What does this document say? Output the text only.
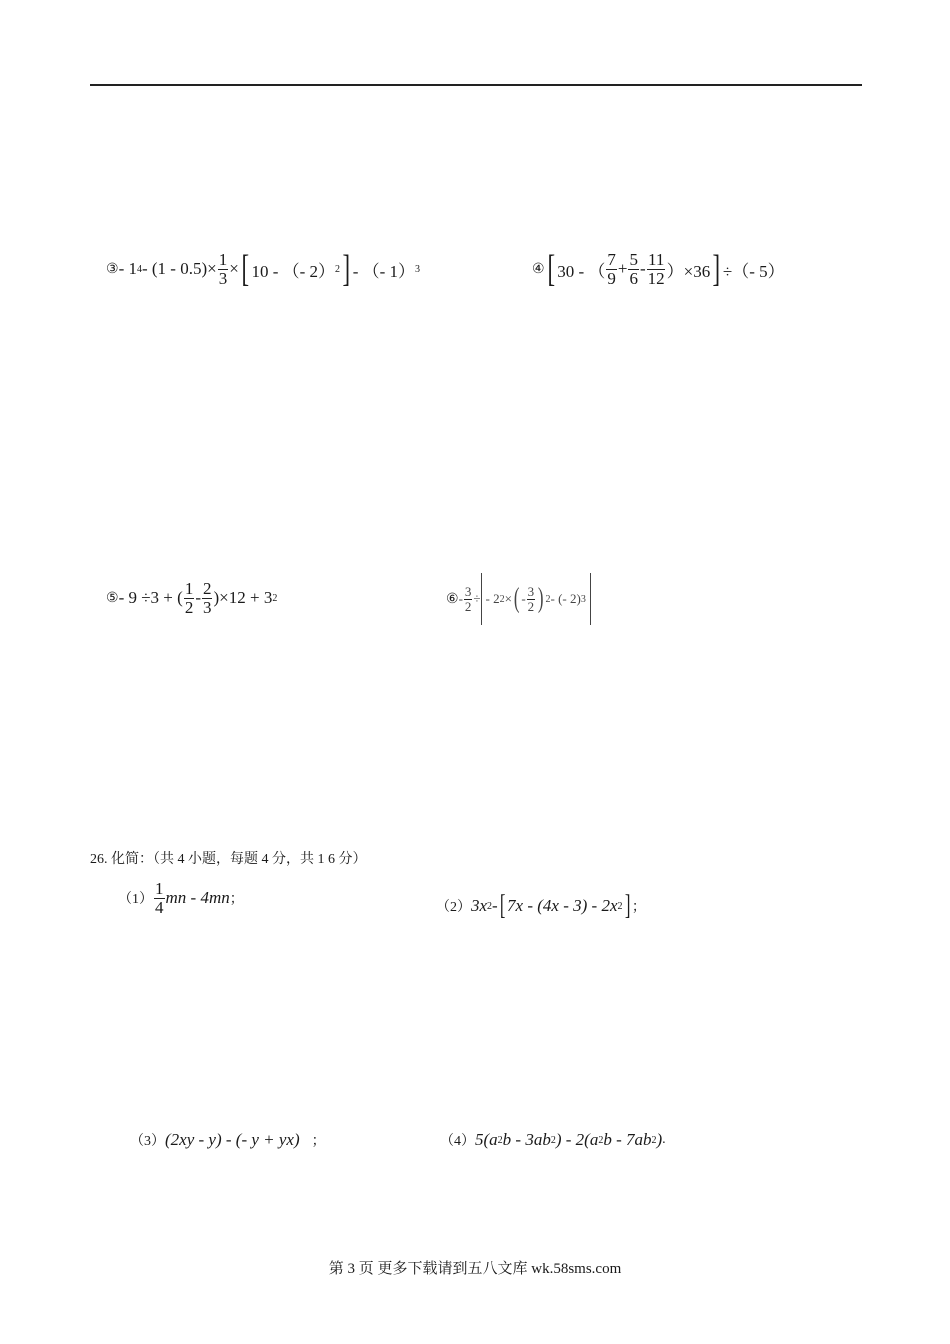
③ - 1 $4 - (1 - 0.5)\times \frac{1}{3}$ × [ 10 - （- 2） 2 ] - （- 1） 3	④ [ 30 - （ $\frac{7}{9} + \frac{5}{6} - \frac{11}{12} )\times 36$ ] ÷（- 5）
⑤ - 9 ÷3 + ( $\frac{1}{2} - \frac{2}{3} )\times 12 + 3$ 2	⑥ - $\frac{3}{2}$ ÷ - 2 2 × ( - $\frac{3}{2}$ ) 2 - (- 2) 3
26. 化简：（共 4 小题，每题 4 分，共 1 6 分）
$(1) \frac{1}{4}$ mn - 4mn ；
（2） 3x 2 - [ 7x - (4x - 3) - 2x 2 ] ；
（3） (2xy - y) - (- y + yx) ；	（4） 5(a 2 b - 3ab 2 ) - 2(a 2 b - 7ab 2 ) .
第 3 页 更多下载请到五八文库 wk.58sms.com
